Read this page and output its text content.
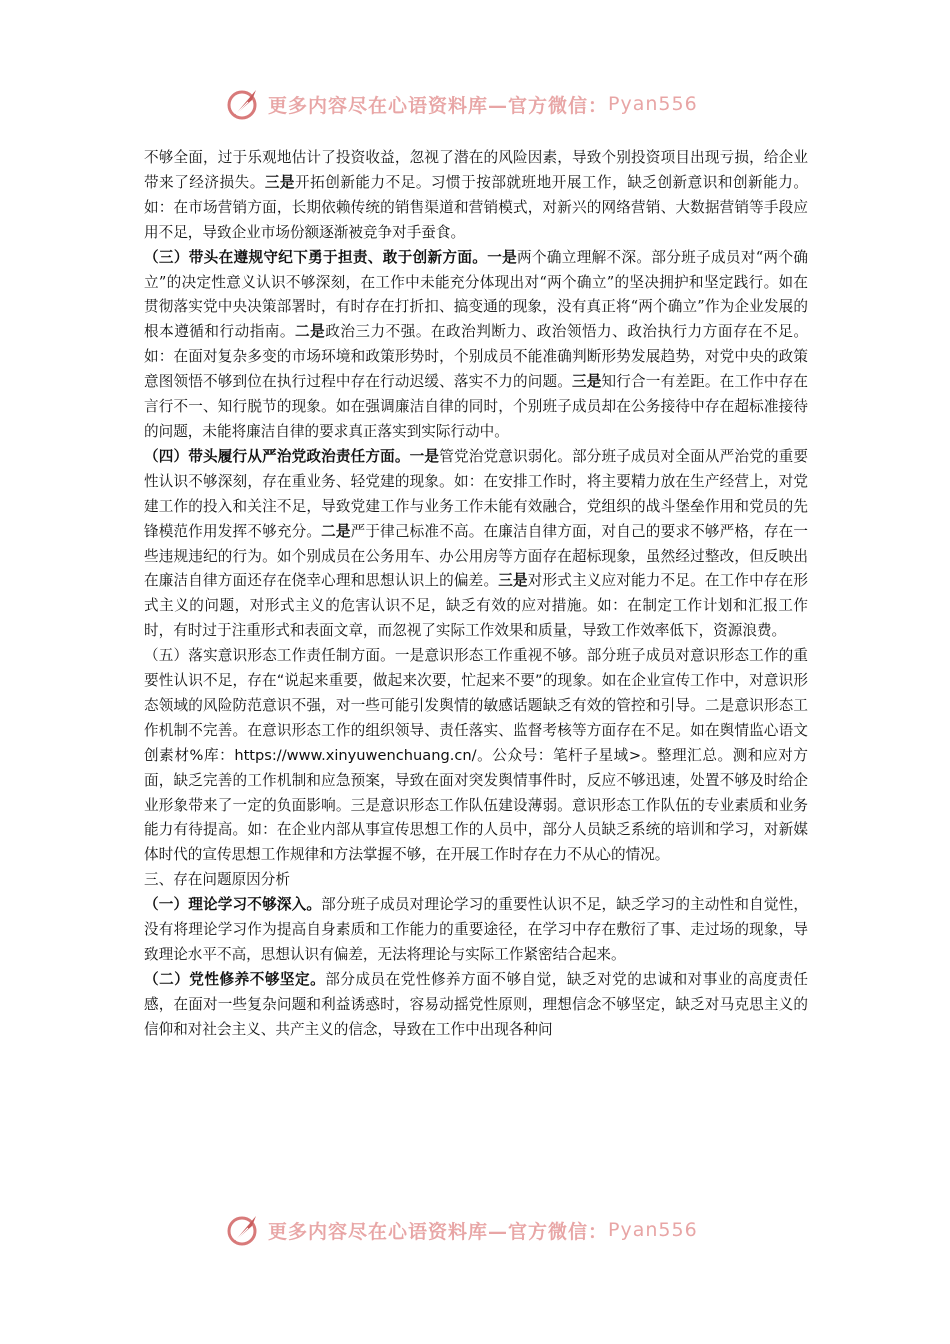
更多内容尽在心语资料库—官方微信： Pyan556

不够全面，过于乐观地估计了投资收益，忽视了潜在的风险因素，导致个别投资项目出现亏损，给企业带来了经济损失。三是开拓创新能力不足。习惯于按部就班地开展工作，缺乏创新意识和创新能力。如：在市场营销方面，长期依赖传统的销售渠道和营销模式，对新兴的网络营销、大数据营销等手段应用不足，导致企业市场份额逐渐被竞争对手蚕食。

（三）带头在遵规守纪下勇于担责、敢于创新方面。一是两个确立理解不深。部分班子成员对“两个确立”的决定性意义认识不够深刻，在工作中未能充分体现出对“两个确立”的坚决拥护和坚定践行。如在贯彻落实党中央决策部署时，有时存在打折扣、搞变通的现象，没有真正将“两个确立”作为企业发展的根本遵循和行动指南。二是政治三力不强。在政治判断力、政治领悟力、政治执行力方面存在不足。如：在面对复杂多变的市场环境和政策形势时，个别成员不能准确判断形势发展趋势，对党中央的政策意图领悟不够到位在执行过程中存在行动迟缓、落实不力的问题。三是知行合一有差距。在工作中存在言行不一、知行脱节的现象。如在强调廉洁自律的同时，个别班子成员却在公务接待中存在超标准接待的问题，未能将廉洁自律的要求真正落实到实际行动中。

（四）带头履行从严治党政治责任方面。一是管党治党意识弱化。部分班子成员对全面从严治党的重要性认识不够深刻，存在重业务、轻党建的现象。如：在安排工作时，将主要精力放在生产经营上，对党建工作的投入和关注不足，导致党建工作与业务工作未能有效融合，党组织的战斗堡垒作用和党员的先锋模范作用发挥不够充分。二是严于律己标准不高。在廉洁自律方面，对自己的要求不够严格，存在一些违规违纪的行为。如个别成员在公务用车、办公用房等方面存在超标现象，虽然经过整改，但反映出在廉洁自律方面还存在侥幸心理和思想认识上的偏差。三是对形式主义应对能力不足。在工作中存在形式主义的问题，对形式主义的危害认识不足，缺乏有效的应对措施。如：在制定工作计划和汇报工作时，有时过于注重形式和表面文章，而忽视了实际工作效果和质量，导致工作效率低下，资源浪费。

（五）落实意识形态工作责任制方面。一是意识形态工作重视不够。部分班子成员对意识形态工作的重要性认识不足，存在“说起来重要，做起来次要，忙起来不要”的现象。如在企业宣传工作中，对意识形态领域的风险防范意识不强，对一些可能引发舆情的敏感话题缺乏有效的管控和引导。二是意识形态工作机制不完善。在意识形态工作的组织领导、责任落实、监督考核等方面存在不足。如在舆情监心语文创素材%库：https://www.xinyuwenchuang.cn/。公众号：笔杆子星域>。整理汇总。测和应对方面，缺乏完善的工作机制和应急预案，导致在面对突发舆情事件时，反应不够迅速，处置不够及时给企业形象带来了一定的负面影响。三是意识形态工作队伍建设薄弱。意识形态工作队伍的专业素质和业务能力有待提高。如：在企业内部从事宣传思想工作的人员中，部分人员缺乏系统的培训和学习，对新媒体时代的宣传思想工作规律和方法掌握不够，在开展工作时存在力不从心的情况。

三、存在问题原因分析

（一）理论学习不够深入。部分班子成员对理论学习的重要性认识不足，缺乏学习的主动性和自觉性，没有将理论学习作为提高自身素质和工作能力的重要途径，在学习中存在敷衍了事、走过场的现象，导致理论水平不高，思想认识有偏差，无法将理论与实际工作紧密结合起来。

（二）党性修养不够坚定。部分成员在党性修养方面不够自觉，缺乏对党的忠诚和对事业的高度责任感，在面对一些复杂问题和利益诱惑时，容易动摇党性原则，理想信念不够坚定，缺乏对马克思主义的信仰和对社会主义、共产主义的信念，导致在工作中出现各种问

更多内容尽在心语资料库—官方微信： Pyan556
